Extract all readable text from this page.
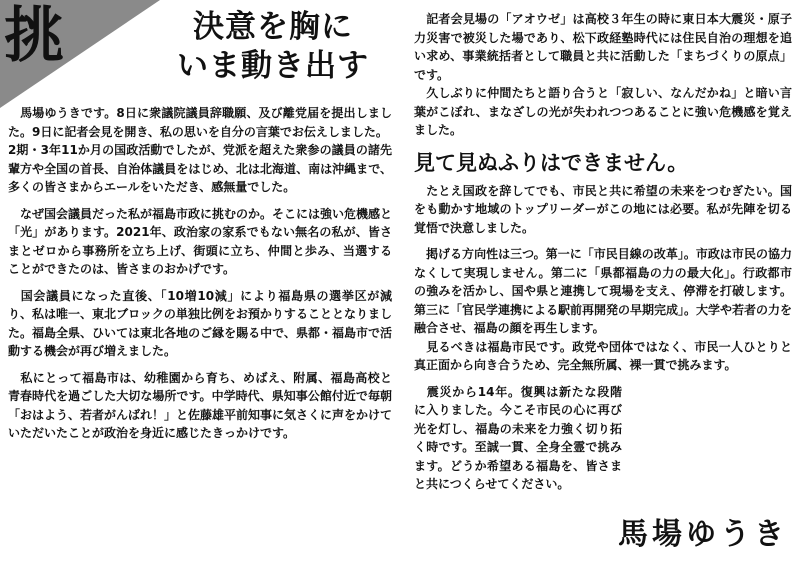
挑	決意を胸に
いま動き出す

　馬場ゆうきです。8日に衆議院議員辞職願、及び離党届を提出しました。9日に記者会見を開き、私の思いを自分の言葉でお伝えしました。

2期・3年11か月の国政活動でしたが、党派を超えた衆参の議員の諸先輩方や全国の首長、自治体議員をはじめ、北は北海道、南は沖縄まで、多くの皆さまからエールをいただき、感無量でした。

　なぜ国会議員だった私が福島市政に挑むのか。そこには強い危機感と「光」があります。2021年、政治家の家系でもない無名の私が、皆さまとゼロから事務所を立ち上げ、街頭に立ち、仲間と歩み、当選することができたのは、皆さまのおかげです。

　国会議員になった直後、「10増10減」により福島県の選挙区が減り、私は唯一、東北ブロックの単独比例をお預かりすることとなりました。福島全県、ひいては東北各地のご縁を賜る中で、県都・福島市で活動する機会が再び増えました。

　私にとって福島市は、幼稚園から育ち、めばえ、附属、福島高校と青春時代を過ごした大切な場所です。中学時代、県知事公館付近で毎朝「おはよう、若者がんばれ！」と佐藤雄平前知事に気さくに声をかけていただいたことが政治を身近に感じたきっかけです。

　記者会見場の「アオウゼ」は高校３年生の時に東日本大震災・原子力災害で被災した場であり、松下政経塾時代には住民自治の理想を追い求め、事業統括者として職員と共に活動した「まちづくりの原点」です。

　久しぶりに仲間たちと語り合うと「寂しい、なんだかね」と暗い言葉がこぼれ、まなざしの光が失われつつあることに強い危機感を覚えました。

見て見ぬふりはできません。

　たとえ国政を辞してでも、市民と共に希望の未来をつむぎたい。国をも動かす地域のトップリーダーがこの地には必要。私が先陣を切る覚悟で決意しました。

　掲げる方向性は三つ。第一に「市民目線の改革」。市政は市民の協力なくして実現しません。第二に「県都福島の力の最大化」。行政都市の強みを活かし、国や県と連携して現場を支え、停滞を打破します。第三に「官民学連携による駅前再開発の早期完成」。大学や若者の力を融合させ、福島の顔を再生します。

　見るべきは福島市民です。政党や団体ではなく、市民一人ひとりと真正面から向き合うため、完全無所属、裸一貫で挑みます。

　震災から14年。復興は新たな段階に入りました。今こそ市民の心に再び光を灯し、福島の未来を力強く切り拓く時です。至誠一貫、全身全霊で挑みます。どうか希望ある福島を、皆さまと共につくらせてください。

馬場ゆうき
